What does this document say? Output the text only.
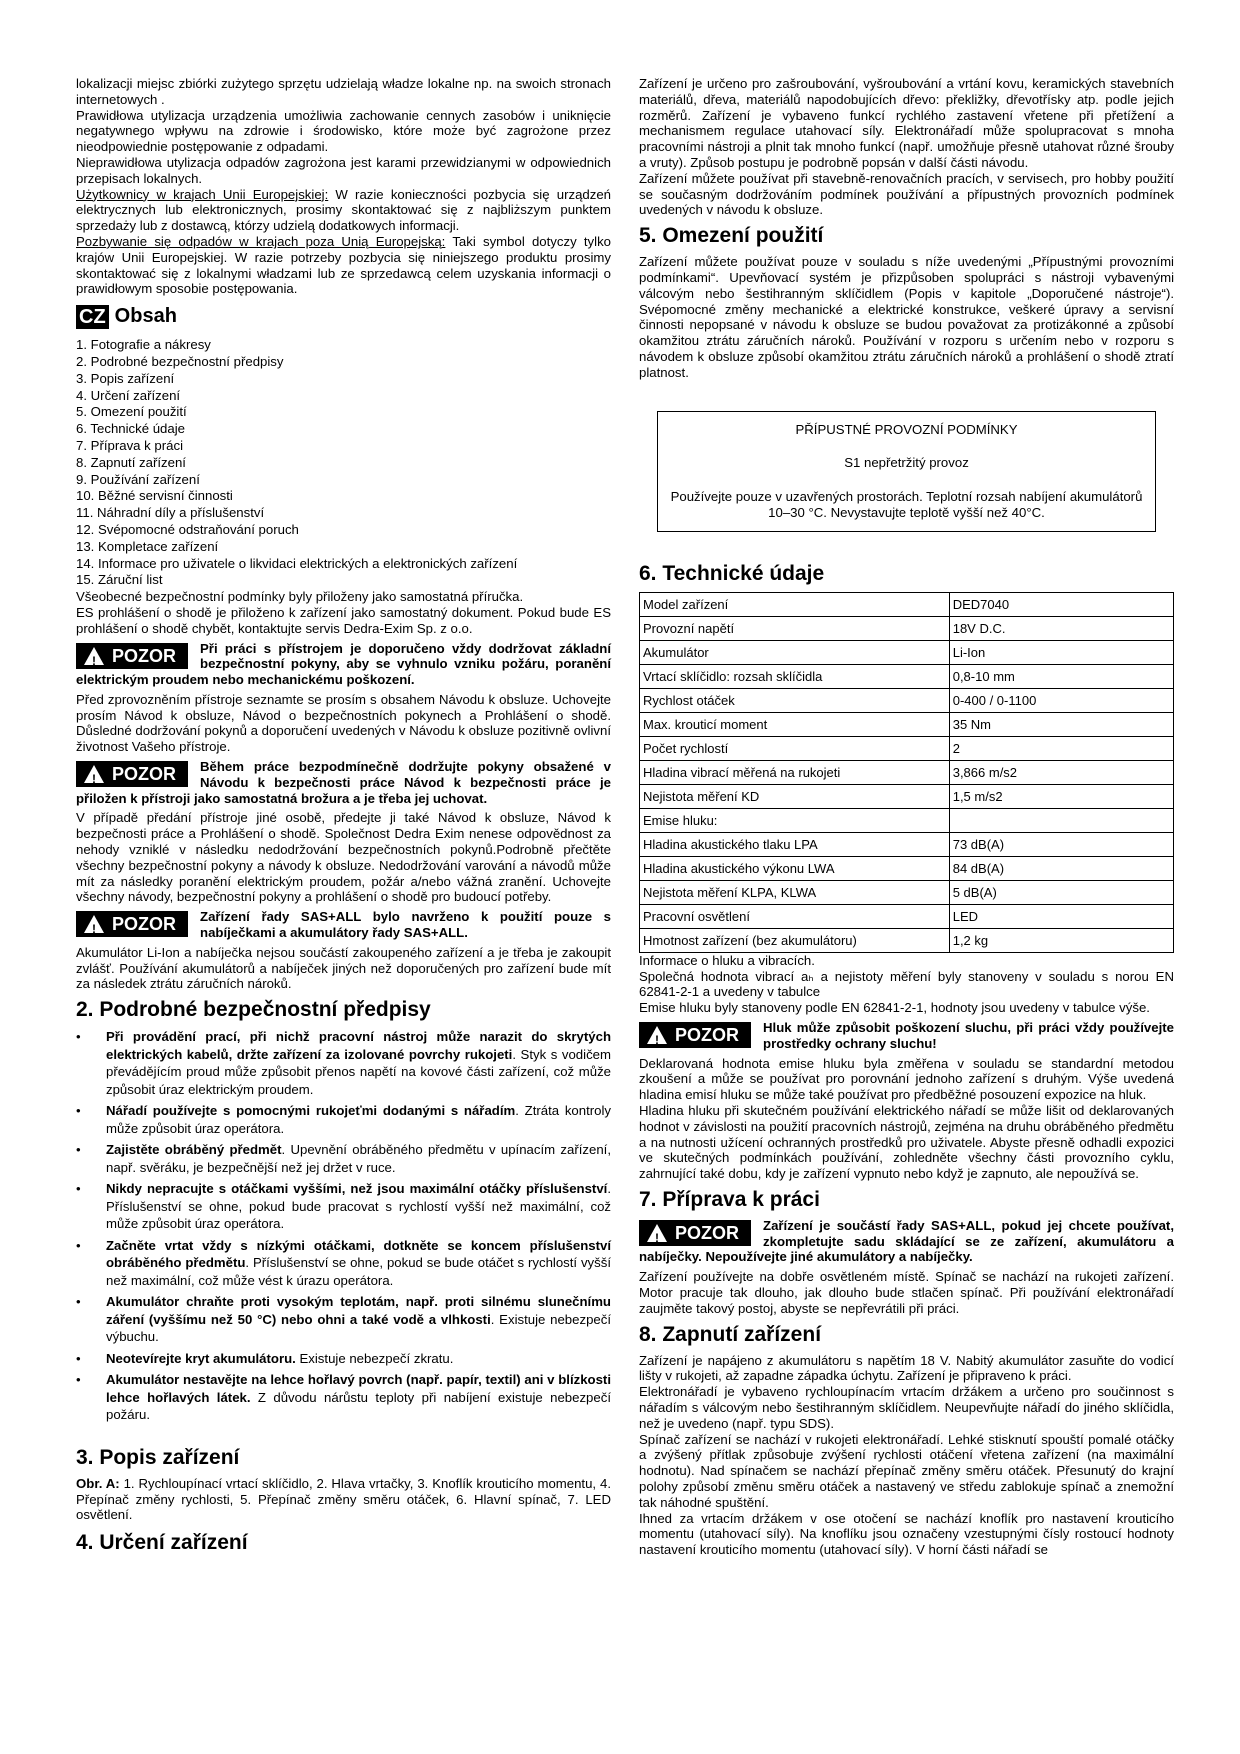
lokalizacji miejsc zbiórki zużytego sprzętu udzielają władze lokalne np. na swoich stronach internetowych .

Prawidłowa utylizacja urządzenia umożliwia zachowanie cennych zasobów i uniknięcie negatywnego wpływu na zdrowie i środowisko, które może być zagrożone przez nieodpowiednie postępowanie z odpadami.

Nieprawidłowa utylizacja odpadów zagrożona jest karami przewidzianymi w odpowiednich przepisach lokalnych.

Użytkownicy w krajach Unii Europejskiej: W razie konieczności pozbycia się urządzeń elektrycznych lub elektronicznych, prosimy skontaktować się z najbliższym punktem sprzedaży lub z dostawcą, którzy udzielą dodatkowych informacji.

Pozbywanie się odpadów w krajach poza Unią Europejską: Taki symbol dotyczy tylko krajów Unii Europejskiej. W razie potrzeby pozbycia się niniejszego produktu prosimy skontaktować się z lokalnymi władzami lub ze sprzedawcą celem uzyskania informacji o prawidłowym sposobie postępowania.

CZ Obsah
1. Fotografie a nákresy
2. Podrobné bezpečnostní předpisy
3. Popis zařízení
4. Určení zařízení
5. Omezení použití
6. Technické údaje
7. Příprava k práci
8. Zapnutí zařízení
9. Používání zařízení
10. Běžné servisní činnosti
11. Náhradní díly a příslušenství
12. Svépomocné odstraňování poruch
13. Kompletace zařízení
14. Informace pro uživatele o likvidaci elektrických a elektronických zařízení
15. Záruční list

Všeobecné bezpečnostní podmínky byly přiloženy jako samostatná příručka.

ES prohlášení o shodě je přiloženo k zařízení jako samostatný dokument. Pokud bude ES prohlášení o shodě chybět, kontaktujte servis Dedra-Exim Sp. z o.o.

! POZOR	Při práci s přístrojem je doporučeno vždy dodržovat základní bezpečnostní pokyny, aby se vyhnulo vzniku požáru, poranění elektrickým proudem nebo mechanickému poškození.

Před zprovozněním přístroje seznamte se prosím s obsahem Návodu k obsluze. Uchovejte prosím Návod k obsluze, Návod o bezpečnostních pokynech a Prohlášení o shodě. Důsledné dodržování pokynů a doporučení uvedených v Návodu k obsluze pozitivně ovlivní životnost Vašeho přístroje.

! POZOR	Během práce bezpodmínečně dodržujte pokyny obsažené v Návodu k bezpečnosti práce Návod k bezpečnosti práce je přiložen k přístroji jako samostatná brožura a je třeba jej uchovat.

V případě předání přístroje jiné osobě, předejte ji také Návod k obsluze, Návod k bezpečnosti práce a Prohlášení o shodě. Společnost Dedra Exim nenese odpovědnost za nehody vzniklé v následku nedodržování bezpečnostních pokynů.Podrobně přečtěte všechny bezpečnostní pokyny a návody k obsluze. Nedodržování varování a návodů může mít za následky poranění elektrickým proudem, požár a/nebo vážná zranění. Uchovejte všechny návody, bezpečnostní pokyny a prohlášení o shodě pro budoucí potřeby.

! POZOR	Zařízení řady SAS+ALL bylo navrženo k použití pouze s nabíječkami a akumulátory řady SAS+ALL.

Akumulátor Li-Ion a nabíječka nejsou součástí zakoupeného zařízení a je třeba je zakoupit zvlášť. Používání akumulátorů a nabíječek jiných než doporučených pro zařízení bude mít za následek ztrátu záručních nároků.

2. Podrobné bezpečnostní předpisy
• Při provádění prací, při nichž pracovní nástroj může narazit do skrytých elektrických kabelů, držte zařízení za izolované povrchy rukojeti. Styk s vodičem převádějícím proud může způsobit přenos napětí na kovové části zařízení, což může způsobit úraz elektrickým proudem.
• Nářadí používejte s pomocnými rukojeťmi dodanými s nářadím. Ztráta kontroly může způsobit úraz operátora.
• Zajistěte obráběný předmět. Upevnění obráběného předmětu v upínacím zařízení, např. svěráku, je bezpečnější než jej držet v ruce.
• Nikdy nepracujte s otáčkami vyššími, než jsou maximální otáčky příslušenství. Příslušenství se ohne, pokud bude pracovat s rychlostí vyšší než maximální, což může způsobit úraz operátora.
• Začněte vrtat vždy s nízkými otáčkami, dotkněte se koncem příslušenství obráběného předmětu. Příslušenství se ohne, pokud se bude otáčet s rychlostí vyšší než maximální, což může vést k úrazu operátora.
• Akumulátor chraňte proti vysokým teplotám, např. proti silnému slunečnímu záření (vyššímu než 50 °C) nebo ohni a také vodě a vlhkosti. Existuje nebezpečí výbuchu.
• Neotevírejte kryt akumulátoru. Existuje nebezpečí zkratu.
• Akumulátor nestavějte na lehce hořlavý povrch (např. papír, textil) ani v blízkosti lehce hořlavých látek. Z důvodu nárůstu teploty při nabíjení existuje nebezpečí požáru.
3. Popis zařízení

Obr. A: 1. Rychloupínací vrtací sklíčidlo, 2. Hlava vrtačky, 3. Knoflík krouticího momentu, 4. Přepínač změny rychlosti, 5. Přepínač změny směru otáček, 6. Hlavní spínač, 7. LED osvětlení.

4. Určení zařízení

Zařízení je určeno pro zašroubování, vyšroubování a vrtání kovu, keramických stavebních materiálů, dřeva, materiálů napodobujících dřevo: překližky, dřevotřísky atp. podle jejich rozměrů. Zařízení je vybaveno funkcí rychlého zastavení vřetene při přetížení a mechanismem regulace utahovací síly. Elektronářadí může spolupracovat s mnoha pracovními nástroji a plnit tak mnoho funkcí (např. umožňuje přesně utahovat různé šrouby a vruty). Způsob postupu je podrobně popsán v další části návodu.

Zařízení můžete používat při stavebně-renovačních pracích, v servisech, pro hobby použití se současným dodržováním podmínek používání a přípustných provozních podmínek uvedených v návodu k obsluze.

5. Omezení použití

Zařízení můžete používat pouze v souladu s níže uvedenými „Přípustnými provozními podmínkami“. Upevňovací systém je přizpůsoben spolupráci s nástroji vybavenými válcovým nebo šestihranným sklíčidlem (Popis v kapitole „Doporučené nástroje“). Svépomocné změny mechanické a elektrické konstrukce, veškeré úpravy a servisní činnosti nepopsané v návodu k obsluze se budou považovat za protizákonné a způsobí okamžitou ztrátu záručních nároků. Používání v rozporu s určením nebo v rozporu s návodem k obsluze způsobí okamžitou ztrátu záručních nároků a prohlášení o shodě ztratí platnost.

PŘÍPUSTNÉ PROVOZNÍ PODMÍNKY

S1 nepřetržitý provoz

Používejte pouze v uzavřených prostorách. Teplotní rozsah nabíjení akumulátorů 10–30 °C. Nevystavujte teplotě vyšší než 40°C.

6. Technické údaje
Model zařízení	DED7040
Provozní napětí	18V D.C.
Akumulátor	Li-Ion
Vrtací sklíčidlo: rozsah sklíčidla	0,8-10 mm
Rychlost otáček	0-400 / 0-1100
Max. krouticí moment	35 Nm
Počet rychlostí	2
Hladina vibrací měřená na rukojeti	3,866 m/s2
Nejistota měření KD	1,5 m/s2
Emise hluku:	
Hladina akustického tlaku LPA	73 dB(A)
Hladina akustického výkonu LWA	84 dB(A)
Nejistota měření KLPA, KLWA	5 dB(A)
Pracovní osvětlení	LED
Hmotnost zařízení (bez akumulátoru)	1,2 kg

Informace o hluku a vibracích.

Společná hodnota vibrací aₕ a nejistoty měření byly stanoveny v souladu s norou EN 62841-2-1 a uvedeny v tabulce

Emise hluku byly stanoveny podle EN 62841-2-1, hodnoty jsou uvedeny v tabulce výše.

! POZOR	Hluk může způsobit poškození sluchu, při práci vždy používejte prostředky ochrany sluchu!

Deklarovaná hodnota emise hluku byla změřena v souladu se standardní metodou zkoušení a může se používat pro porovnání jednoho zařízení s druhým. Výše uvedená hladina emisí hluku se může také používat pro předběžné posouzení expozice na hluk.

Hladina hluku při skutečném používání elektrického nářadí se může lišit od deklarovaných hodnot v závislosti na použití pracovních nástrojů, zejména na druhu obráběného předmětu a na nutnosti užícení ochranných prostředků pro uživatele. Abyste přesně odhadli expozici ve skutečných podmínkách používání, zohledněte všechny části provozního cyklu, zahrnující také dobu, kdy je zařízení vypnuto nebo když je zapnuto, ale nepoužívá se.

7. Příprava k práci
! POZOR	Zařízení je součástí řady SAS+ALL, pokud jej chcete používat, zkompletujte sadu skládající se ze zařízení, akumulátoru a nabíječky. Nepoužívejte jiné akumulátory a nabíječky.

Zařízení používejte na dobře osvětleném místě. Spínač se nachází na rukojeti zařízení. Motor pracuje tak dlouho, jak dlouho bude stlačen spínač. Při používání elektronářadí zaujměte takový postoj, abyste se nepřevrátili při práci.

8. Zapnutí zařízení

Zařízení je napájeno z akumulátoru s napětím 18 V. Nabitý akumulátor zasuňte do vodicí lišty v rukojeti, až zapadne západka úchytu. Zařízení je připraveno k práci.

Elektronářadí je vybaveno rychloupínacím vrtacím držákem a určeno pro součinnost s nářadím s válcovým nebo šestihranným sklíčidlem. Neupevňujte nářadí do jiného sklíčidla, než je uvedeno (např. typu SDS).

Spínač zařízení se nachází v rukojeti elektronářadí. Lehké stisknutí spouští pomalé otáčky a zvýšený přítlak způsobuje zvýšení rychlosti otáčení vřetena zařízení (na maximální hodnotu). Nad spínačem se nachází přepínač změny směru otáček. Přesunutý do krajní polohy způsobí změnu směru otáček a nastavený ve středu zablokuje spínač a znemožní tak náhodné spuštění.

Ihned za vrtacím držákem v ose otočení se nachází knoflík pro nastavení krouticího momentu (utahovací síly). Na knoflíku jsou označeny vzestupnými čísly rostoucí hodnoty nastavení krouticího momentu (utahovací síly). V horní části nářadí se
